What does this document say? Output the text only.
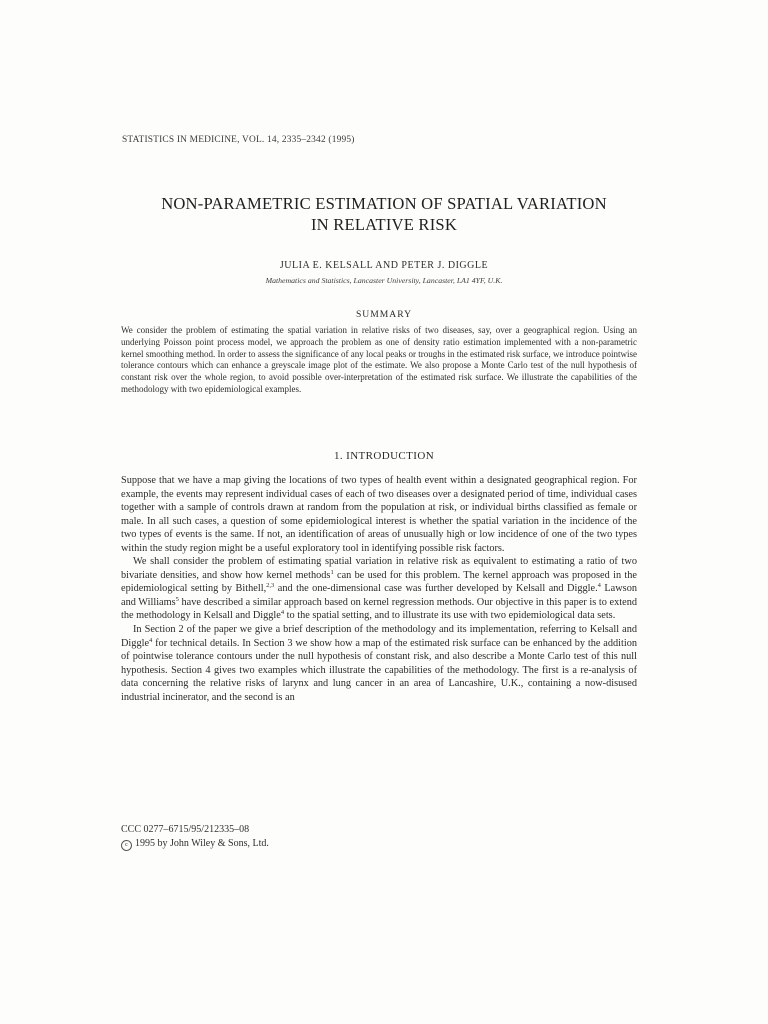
STATISTICS IN MEDICINE, VOL. 14, 2335–2342 (1995)
NON-PARAMETRIC ESTIMATION OF SPATIAL VARIATION
IN RELATIVE RISK
JULIA E. KELSALL AND PETER J. DIGGLE
Mathematics and Statistics, Lancaster University, Lancaster, LA1 4YF, U.K.
SUMMARY
We consider the problem of estimating the spatial variation in relative risks of two diseases, say, over a geographical region. Using an underlying Poisson point process model, we approach the problem as one of density ratio estimation implemented with a non-parametric kernel smoothing method. In order to assess the significance of any local peaks or troughs in the estimated risk surface, we introduce pointwise tolerance contours which can enhance a greyscale image plot of the estimate. We also propose a Monte Carlo test of the null hypothesis of constant risk over the whole region, to avoid possible over-interpretation of the estimated risk surface. We illustrate the capabilities of the methodology with two epidemiological examples.
1. INTRODUCTION

Suppose that we have a map giving the locations of two types of health event within a designated geographical region. For example, the events may represent individual cases of each of two diseases over a designated period of time, individual cases together with a sample of controls drawn at random from the population at risk, or individual births classified as female or male. In all such cases, a question of some epidemiological interest is whether the spatial variation in the incidence of the two types of events is the same. If not, an identification of areas of unusually high or low incidence of one of the two types within the study region might be a useful exploratory tool in identifying possible risk factors.

We shall consider the problem of estimating spatial variation in relative risk as equivalent to estimating a ratio of two bivariate densities, and show how kernel methods$^1$ can be used for this problem. The kernel approach was proposed in the epidemiological setting by Bithell,$^{2,3}$ and the one-dimensional case was further developed by Kelsall and Diggle.$^4$ Lawson and Williams$^5$ have described a similar approach based on kernel regression methods. Our objective in this paper is to extend the methodology in Kelsall and Diggle$^4$ to the spatial setting, and to illustrate its use with two epidemiological data sets.

In Section 2 of the paper we give a brief description of the methodology and its implementation, referring to Kelsall and Diggle$^4$ for technical details. In Section 3 we show how a map of the estimated risk surface can be enhanced by the addition of pointwise tolerance contours under the null hypothesis of constant risk, and also describe a Monte Carlo test of this null hypothesis. Section 4 gives two examples which illustrate the capabilities of the methodology. The first is a re-analysis of data concerning the relative risks of larynx and lung cancer in an area of Lancashire, U.K., containing a now-disused industrial incinerator, and the second is an

CCC 0277–6715/95/212335–08
c 1995 by John Wiley & Sons, Ltd.
